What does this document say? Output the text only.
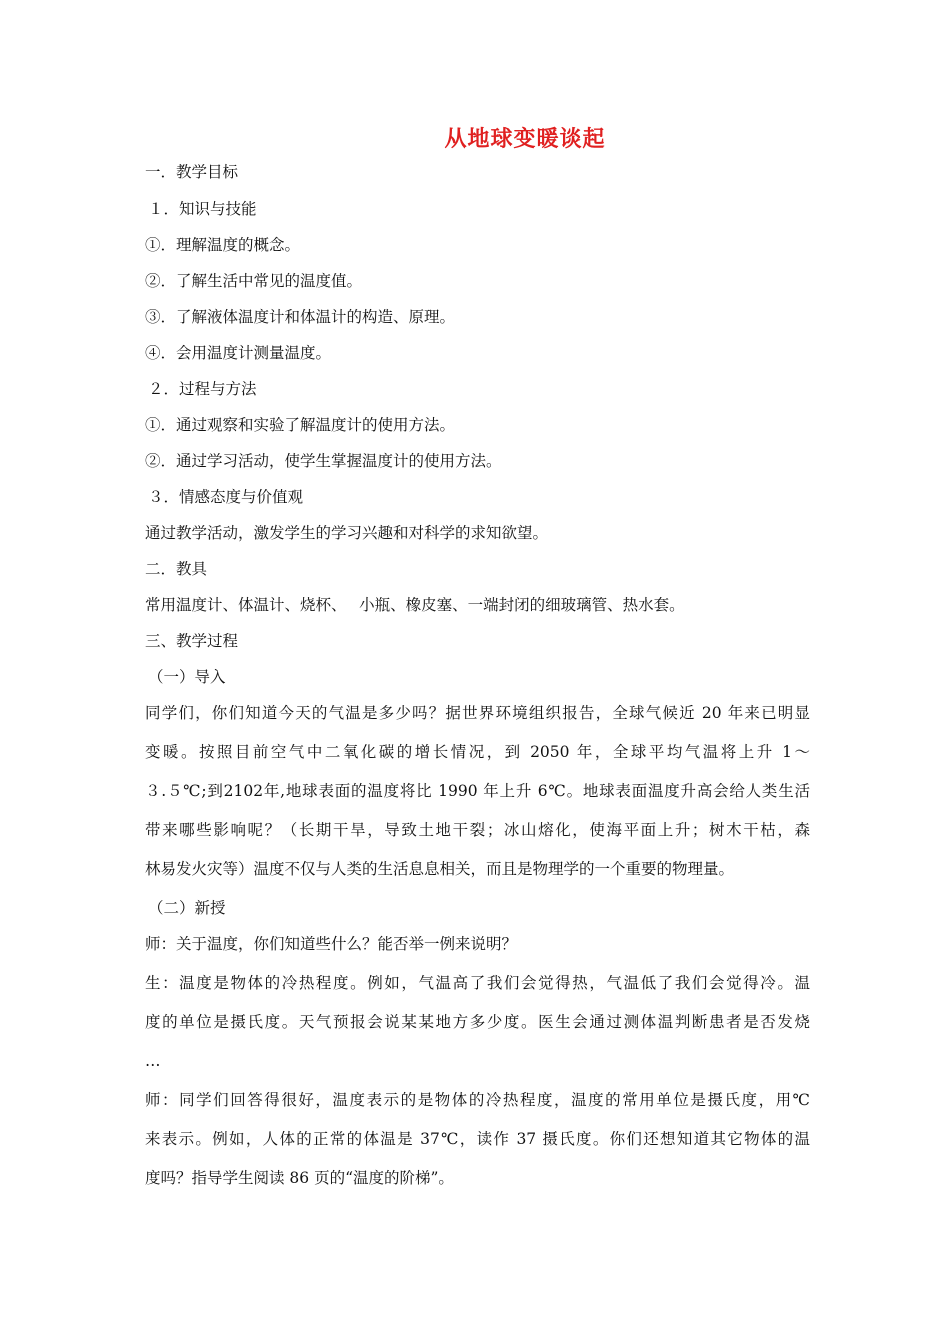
从地球变暖谈起
一．教学目标
１．知识与技能
①．理解温度的概念。
②．了解生活中常见的温度值。
③．了解液体温度计和体温计的构造、原理。
④．会用温度计测量温度。
２．过程与方法
①．通过观察和实验了解温度计的使用方法。
②．通过学习活动，使学生掌握温度计的使用方法。
３．情感态度与价值观
通过教学活动，激发学生的学习兴趣和对科学的求知欲望。
二．教具
常用温度计、体温计、烧杯、　 小瓶、橡皮塞、一端封闭的细玻璃管、热水套。
三、教学过程
（一）导入
同学们，你们知道今天的气温是多少吗？据世界环境组织报告，全球气候近 20 年来已明显
变暖。按照目前空气中二氧化碳的增长情况，到 2050 年，全球平均气温将上升 1～
３.５℃;到2102年,地球表面的温度将比 1990 年上升 6℃。地球表面温度升高会给人类生活
带来哪些影响呢？（长期干旱，导致土地干裂；冰山熔化，使海平面上升；树木干枯，森
林易发火灾等）温度不仅与人类的生活息息相关，而且是物理学的一个重要的物理量。
（二）新授
师：关于温度，你们知道些什么？能否举一例来说明？
生：温度是物体的冷热程度。例如，气温高了我们会觉得热，气温低了我们会觉得冷。温
度的单位是摄氏度。天气预报会说某某地方多少度。医生会通过测体温判断患者是否发烧
…
师：同学们回答得很好，温度表示的是物体的冷热程度，温度的常用单位是摄氏度，用℃
来表示。例如，人体的正常的体温是 37℃，读作 37 摄氏度。你们还想知道其它物体的温
度吗？指导学生阅读 86 页的“温度的阶梯”。
